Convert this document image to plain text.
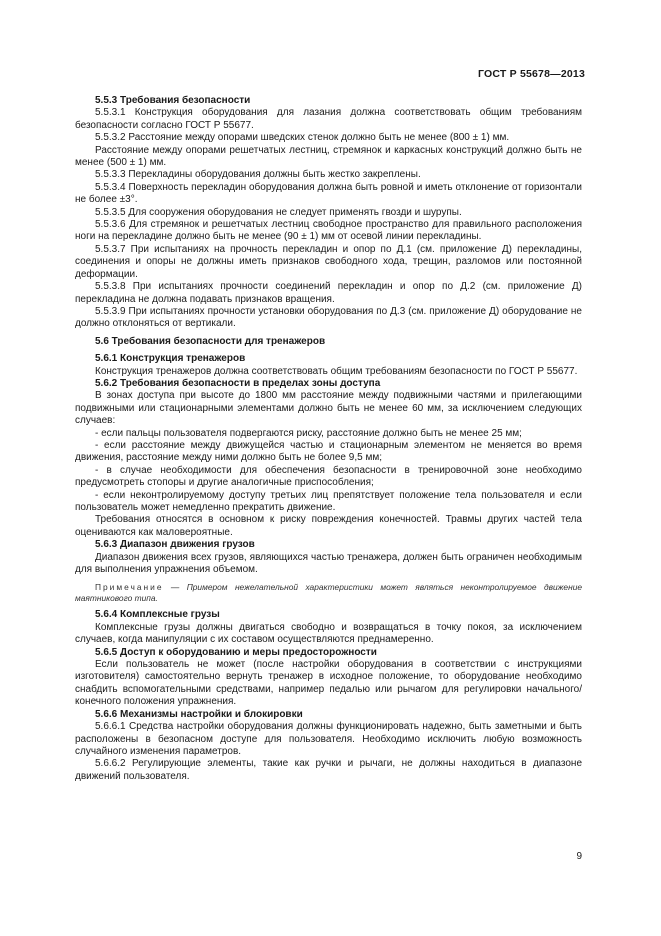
ГОСТ Р 55678—2013

5.5.3 Требования безопасности

5.5.3.1 Конструкция оборудования для лазания должна соответствовать общим требованиям безопасности согласно ГОСТ Р 55677.

5.5.3.2 Расстояние между опорами шведских стенок должно быть не менее (800 ± 1) мм.

Расстояние между опорами решетчатых лестниц, стремянок и каркасных конструкций должно быть не менее (500 ± 1) мм.

5.5.3.3 Перекладины оборудования должны быть жестко закреплены.

5.5.3.4 Поверхность перекладин оборудования должна быть ровной и иметь отклонение от горизонтали не более ±3°.

5.5.3.5 Для сооружения оборудования не следует применять гвозди и шурупы.

5.5.3.6 Для стремянок и решетчатых лестниц свободное пространство для правильного расположения ноги на перекладине должно быть не менее (90 ± 1) мм от осевой линии перекладины.

5.5.3.7 При испытаниях на прочность перекладин и опор по Д.1 (см. приложение Д) перекладины, соединения и опоры не должны иметь признаков свободного хода, трещин, разломов или постоянной деформации.

5.5.3.8 При испытаниях прочности соединений перекладин и опор по Д.2 (см. приложение Д) перекладина не должна подавать признаков вращения.

5.5.3.9 При испытаниях прочности установки оборудования по Д.3 (см. приложение Д) оборудование не должно отклоняться от вертикали.

5.6 Требования безопасности для тренажеров

5.6.1 Конструкция тренажеров

Конструкция тренажеров должна соответствовать общим требованиям безопасности по ГОСТ Р 55677.

5.6.2 Требования безопасности в пределах зоны доступа

В зонах доступа при высоте до 1800 мм расстояние между подвижными частями и прилегающими подвижными или стационарными элементами должно быть не менее 60 мм, за исключением следующих случаев:

- если пальцы пользователя подвергаются риску, расстояние должно быть не менее 25 мм;

- если расстояние между движущейся частью и стационарным элементом не меняется во время движения, расстояние между ними должно быть не более 9,5 мм;

- в случае необходимости для обеспечения безопасности в тренировочной зоне необходимо предусмотреть стопоры и другие аналогичные приспособления;

- если неконтролируемому доступу третьих лиц препятствует положение тела пользователя и если пользователь может немедленно прекратить движение.

Требования относятся в основном к риску повреждения конечностей. Травмы других частей тела оцениваются как маловероятные.

5.6.3 Диапазон движения грузов

Диапазон движения всех грузов, являющихся частью тренажера, должен быть ограничен необходимым для выполнения упражнения объемом.

Примечание — Примером нежелательной характеристики может являться неконтролируемое движение маятникового типа.

5.6.4 Комплексные грузы

Комплексные грузы должны двигаться свободно и возвращаться в точку покоя, за исключением случаев, когда манипуляции с их составом осуществляются преднамеренно.

5.6.5 Доступ к оборудованию и меры предосторожности

Если пользователь не может (после настройки оборудования в соответствии с инструкциями изготовителя) самостоятельно вернуть тренажер в исходное положение, то оборудование необходимо снабдить вспомогательными средствами, например педалью или рычагом для регулировки начального/конечного положения упражнения.

5.6.6 Механизмы настройки и блокировки

5.6.6.1 Средства настройки оборудования должны функционировать надежно, быть заметными и быть расположены в безопасном доступе для пользователя. Необходимо исключить любую возможность случайного изменения параметров.

5.6.6.2 Регулирующие элементы, такие как ручки и рычаги, не должны находиться в диапазоне движений пользователя.

9
